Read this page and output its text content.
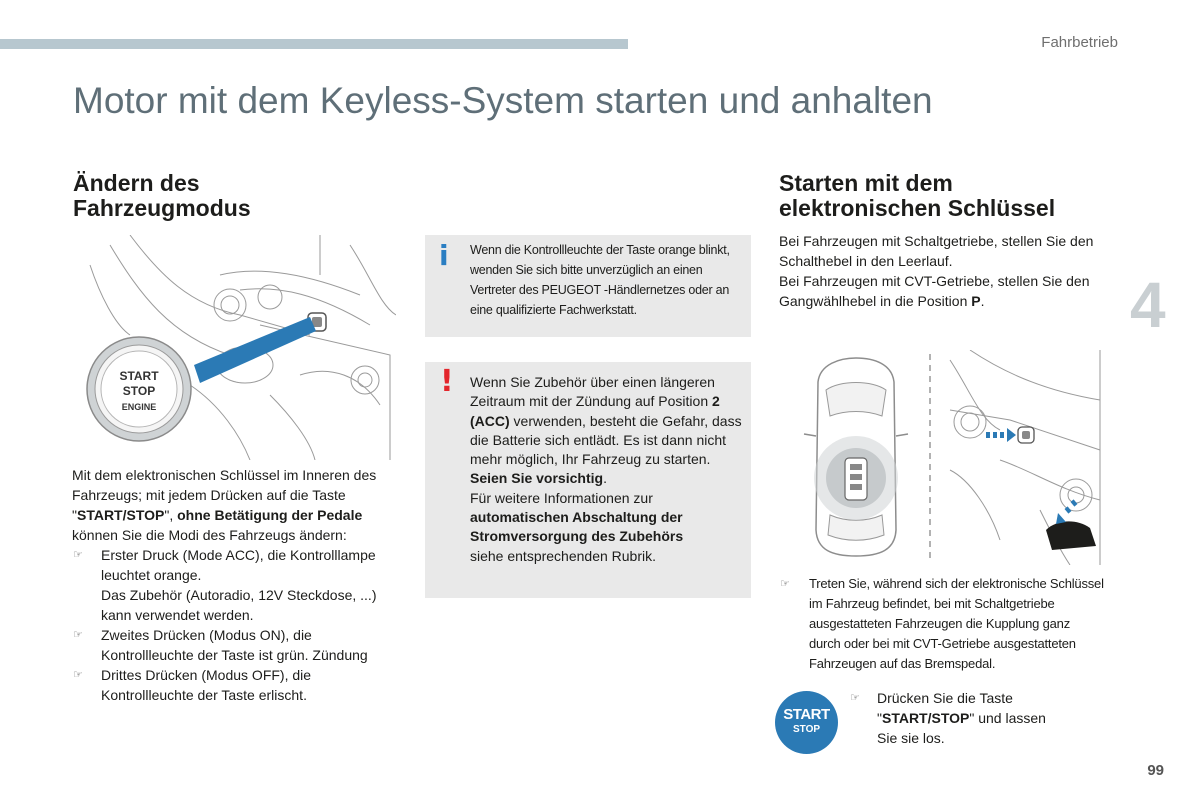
Fahrbetrieb
Motor mit dem Keyless-System starten und anhalten
4
Ändern des
Fahrzeugmodus
START
STOP
ENGINE

Mit dem elektronischen Schlüssel im Inneren des Fahrzeugs; mit jedem Drücken auf die Taste "START/STOP", ohne Betätigung der Pedale können Sie die Modi des Fahrzeugs ändern:

☞ Erster Druck (Mode ACC), die Kontrolllampe leuchtet orange.
Das Zubehör (Autoradio, 12V Steckdose, ...) kann verwendet werden.
☞ Zweites Drücken (Modus ON), die Kontrollleuchte der Taste ist grün. Zündung
☞ Drittes Drücken (Modus OFF), die Kontrollleuchte der Taste erlischt.
i Wenn die Kontrollleuchte der Taste orange blinkt, wenden Sie sich bitte unverzüglich an einen Vertreter des PEUGEOT -Händlernetzes oder an eine qualifizierte Fachwerkstatt.
! Wenn Sie Zubehör über einen längeren Zeitraum mit der Zündung auf Position 2 (ACC) verwenden, besteht die Gefahr, dass die Batterie sich entlädt. Es ist dann nicht mehr möglich, Ihr Fahrzeug zu starten. Seien Sie vorsichtig.
Für weitere Informationen zur
automatischen Abschaltung der Stromversorgung des Zubehörs
siehe entsprechenden Rubrik.
Starten mit dem
elektronischen Schlüssel

Bei Fahrzeugen mit Schaltgetriebe, stellen Sie den Schalthebel in den Leerlauf.

Bei Fahrzeugen mit CVT-Getriebe, stellen Sie den Gangwählhebel in die Position P.

☞ Treten Sie, während sich der elektronische Schlüssel im Fahrzeug befindet, bei mit Schaltgetriebe ausgestatteten Fahrzeugen die Kupplung ganz durch oder bei mit CVT-Getriebe ausgestatteten Fahrzeugen auf das Bremspedal.
START
STOP
☞ Drücken Sie die Taste
"START/STOP" und lassen
Sie sie los.
99
